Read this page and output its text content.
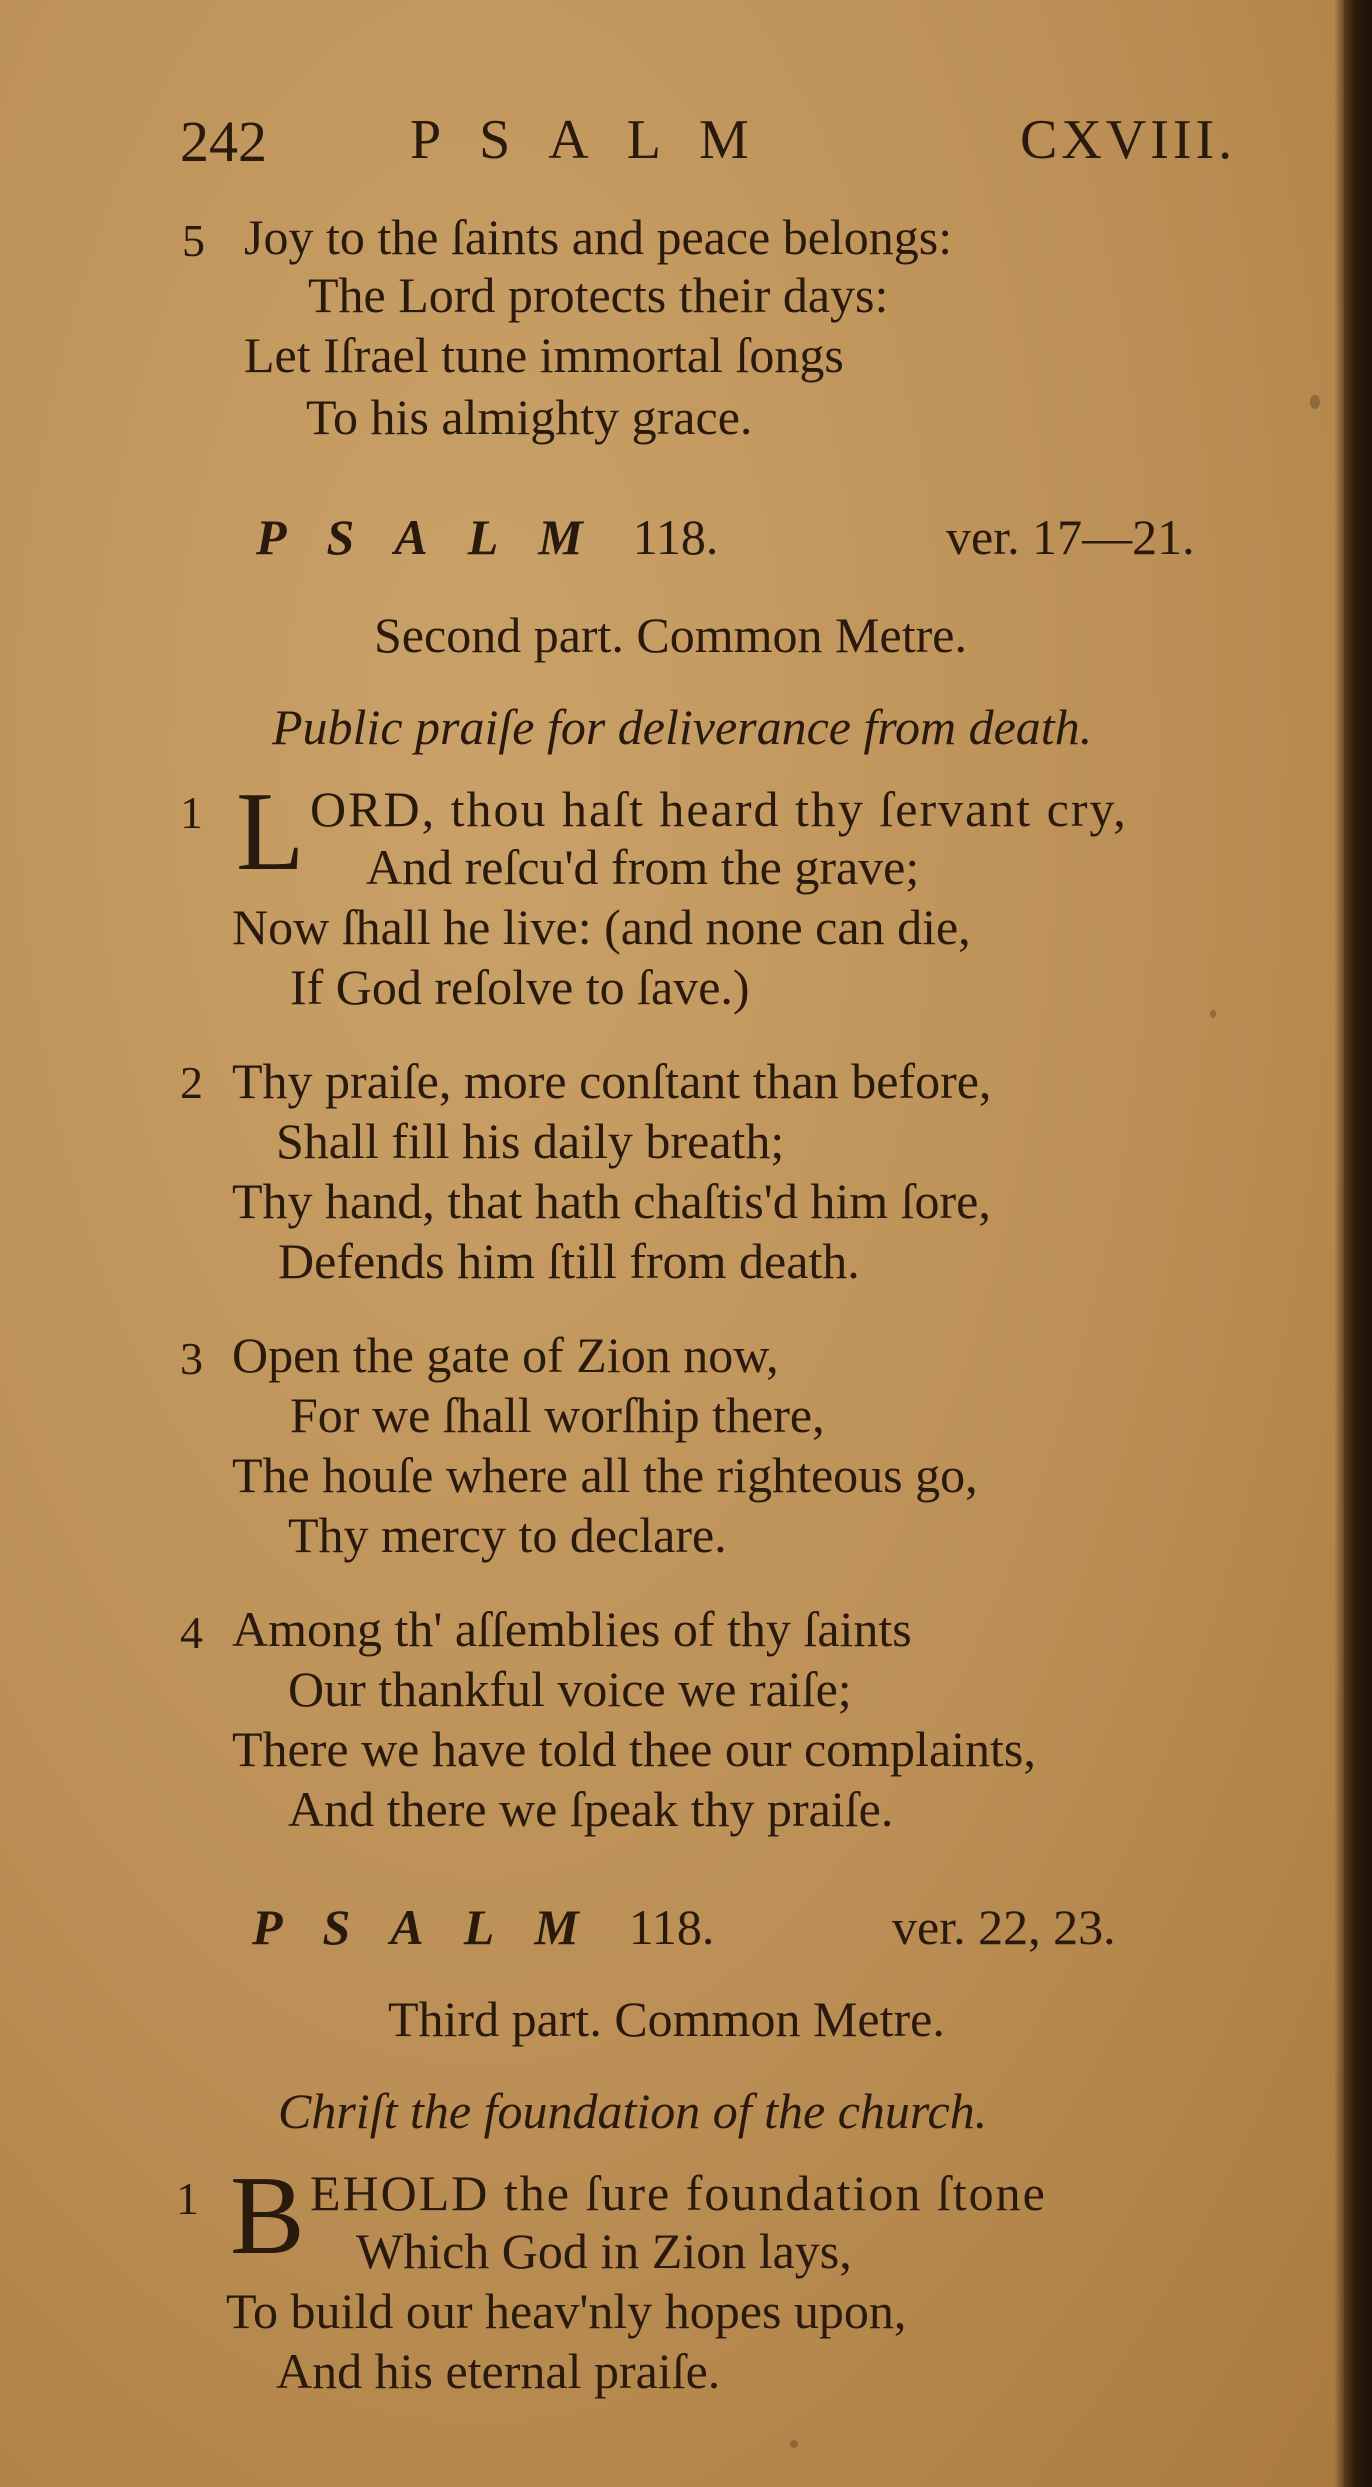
242	PSALM	CXVIII.
5 Joy to the ſaints and peace belongs:
The Lord protects their days:
Let Iſrael tune immortal ſongs
To his almighty grace.
PSALM 118.	ver. 17—21.
Second part. Common Metre.
Public praiſe for deliverance from death.
1 L ORD, thou haſt heard thy ſervant cry,
And reſcu'd from the grave;
Now ſhall he live: (and none can die,
If God reſolve to ſave.)
2 Thy praiſe, more conſtant than before,
Shall fill his daily breath;
Thy hand, that hath chaſtis'd him ſore,
Defends him ſtill from death.
3 Open the gate of Zion now,
For we ſhall worſhip there,
The houſe where all the righteous go,
Thy mercy to declare.
4 Among th' aſſemblies of thy ſaints
Our thankful voice we raiſe;
There we have told thee our complaints,
And there we ſpeak thy praiſe.
PSALM 118.	ver. 22, 23.
Third part. Common Metre.
Chriſt the foundation of the church.
1 B EHOLD the ſure foundation ſtone
Which God in Zion lays,
To build our heav'nly hopes upon,
And his eternal praiſe.
